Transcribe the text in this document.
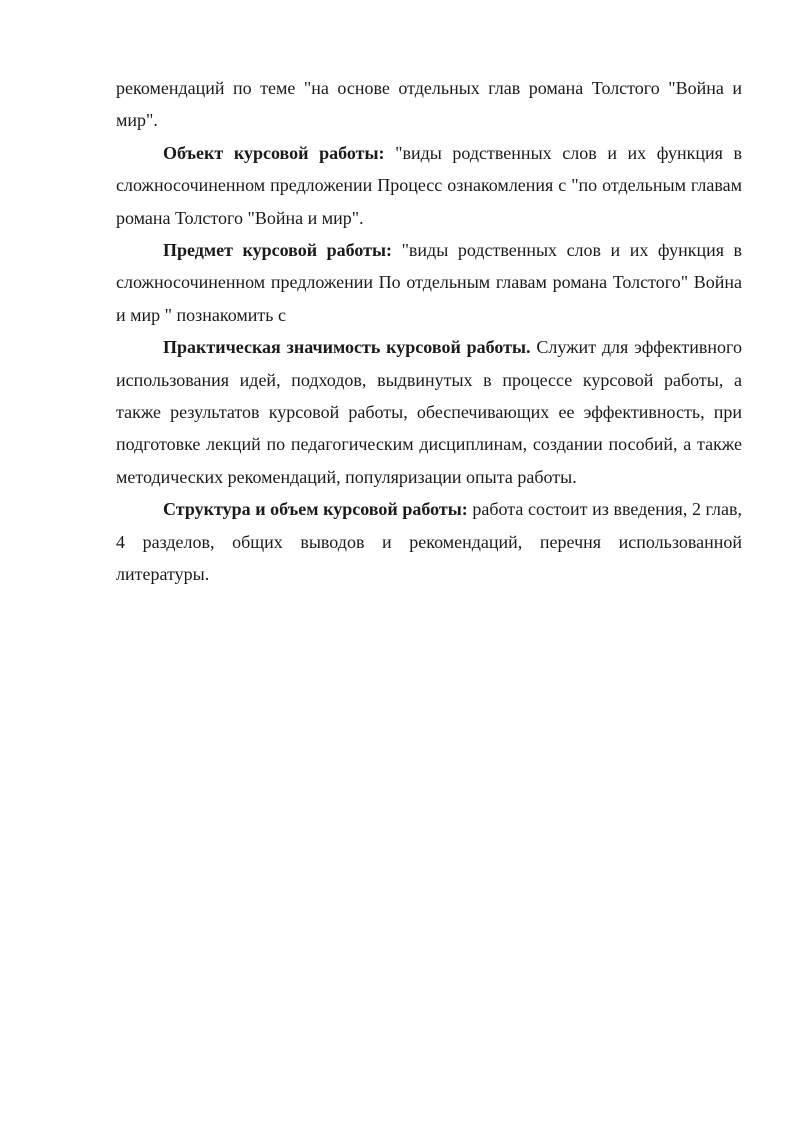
рекомендаций по теме "на основе отдельных глав романа Толстого "Война и мир".

Объект курсовой работы: "виды родственных слов и их функция в сложносочиненном предложении Процесс ознакомления с "по отдельным главам романа Толстого "Война и мир".

Предмет курсовой работы: "виды родственных слов и их функция в сложносочиненном предложении По отдельным главам романа Толстого" Война и мир " познакомить с

Практическая значимость курсовой работы. Служит для эффективного использования идей, подходов, выдвинутых в процессе курсовой работы, а также результатов курсовой работы, обеспечивающих ее эффективность, при подготовке лекций по педагогическим дисциплинам, создании пособий, а также методических рекомендаций, популяризации опыта работы.

Структура и объем курсовой работы: работа состоит из введения, 2 глав, 4 разделов, общих выводов и рекомендаций, перечня использованной литературы.
